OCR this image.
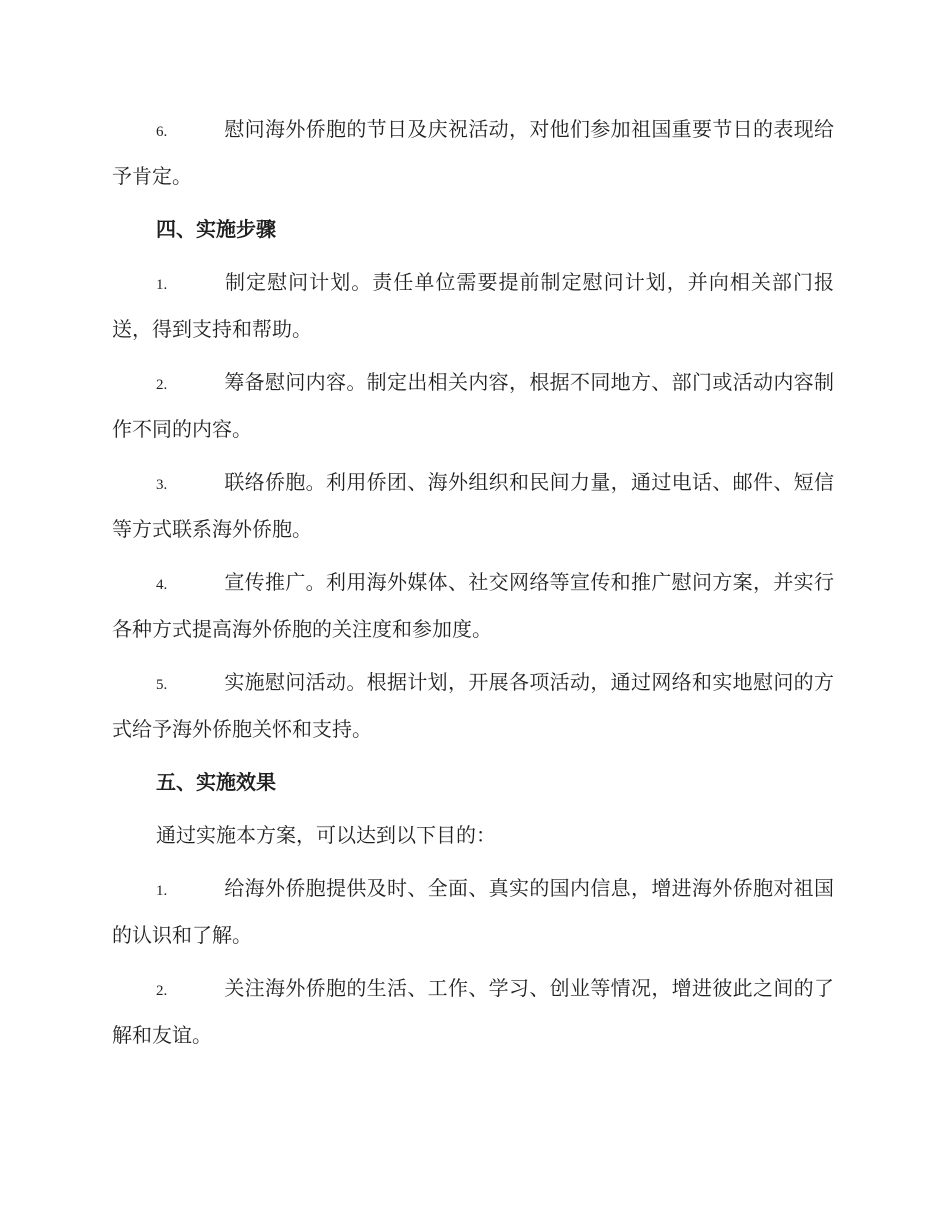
6.	慰问海外侨胞的节日及庆祝活动，对他们参加祖国重要节日的表现给予肯定。

四、实施步骤

1.	制定慰问计划。责任单位需要提前制定慰问计划，并向相关部门报送，得到支持和帮助。

2.	筹备慰问内容。制定出相关内容，根据不同地方、部门或活动内容制作不同的内容。

3.	联络侨胞。利用侨团、海外组织和民间力量，通过电话、邮件、短信等方式联系海外侨胞。

4.	宣传推广。利用海外媒体、社交网络等宣传和推广慰问方案，并实行各种方式提高海外侨胞的关注度和参加度。

5.	实施慰问活动。根据计划，开展各项活动，通过网络和实地慰问的方式给予海外侨胞关怀和支持。

五、实施效果

通过实施本方案，可以达到以下目的：

1.	给海外侨胞提供及时、全面、真实的国内信息，增进海外侨胞对祖国的认识和了解。

2.	关注海外侨胞的生活、工作、学习、创业等情况，增进彼此之间的了解和友谊。
